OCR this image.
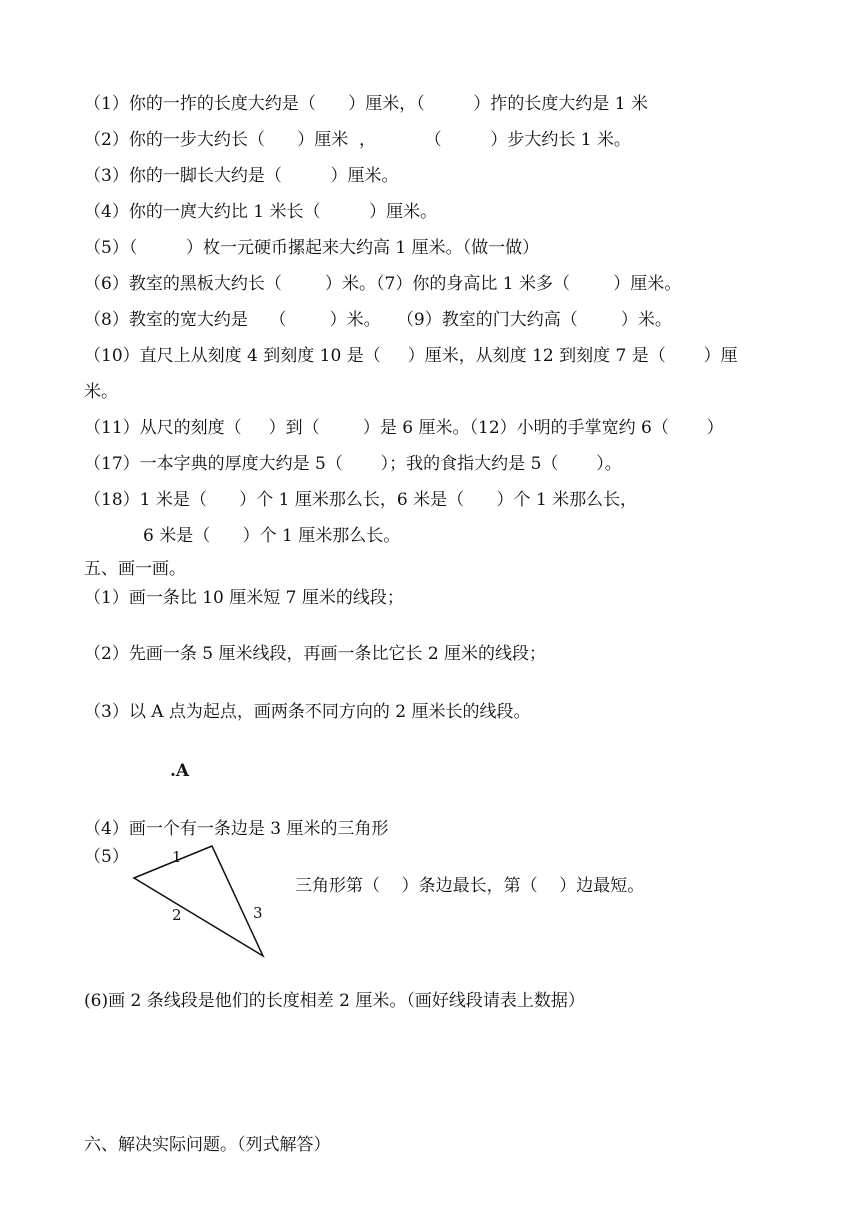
（1）你的一拃的长度大约是（      ）厘米，（         ）拃的长度大约是 1 米
（2）你的一步大约长（      ）厘米  ，         （         ）步大约长 1 米。
（3）你的一脚长大约是（         ）厘米。
（4）你的一庹大约比 1 米长（         ）厘米。
（5）（         ）枚一元硬币摞起来大约高 1 厘米。（做一做）
（6）教室的黑板大约长（        ）米。（7）你的身高比 1 米多（        ）厘米。
（8）教室的宽大约是    （        ）米。   （9）教室的门大约高（        ）米。
（10）直尺上从刻度 4 到刻度 10 是（     ）厘米，从刻度 12 到刻度 7 是（       ）厘
米。
（11）从尺的刻度（     ）到（        ）是 6 厘米。（12）小明的手掌宽约 6（       ）
（17）一本字典的厚度大约是 5（       ）；我的食指大约是 5（       ）。
（18）1 米是（      ）个 1 厘米那么长，6 米是（      ）个 1 米那么长，
6 米是（      ）个 1 厘米那么长。
五、画一画。
（1）画一条比 10 厘米短 7 厘米的线段；
（2）先画一条 5 厘米线段，再画一条比它长 2 厘米的线段；
（3）以 A 点为起点，画两条不同方向的 2 厘米长的线段。
.A
（4）画一个有一条边是 3 厘米的三角形
（5）	1
2	3
三角形第（    ）条边最长，第（    ）边最短。
(6)画 2 条线段是他们的长度相差 2 厘米。（画好线段请表上数据）
六、解决实际问题。（列式解答）
